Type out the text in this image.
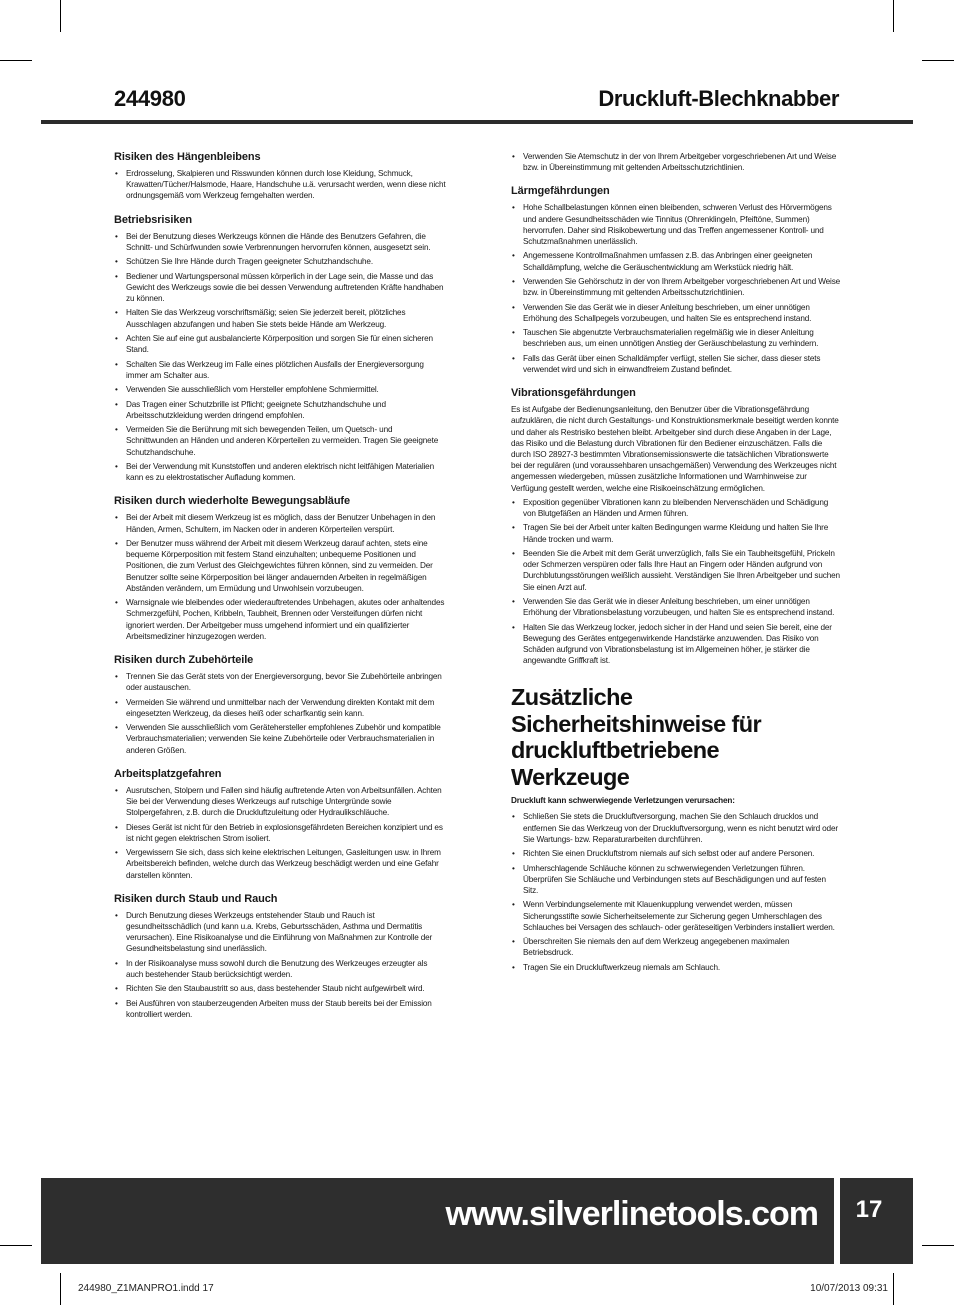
244980	Druckluft-Blechknabber
Risiken des Hängenbleibens
• Erdrosselung, Skalpieren und Risswunden können durch lose Kleidung, Schmuck, Krawatten/Tücher/Halsmode, Haare, Handschuhe u.ä. verursacht werden, wenn diese nicht ordnungsgemäß vom Werkzeug ferngehalten werden.
Betriebsrisiken
• Bei der Benutzung dieses Werkzeugs können die Hände des Benutzers Gefahren, die Schnitt- und Schürfwunden sowie Verbrennungen hervorrufen können, ausgesetzt sein.
• Schützen Sie Ihre Hände durch Tragen geeigneter Schutzhandschuhe.
• Bediener und Wartungspersonal müssen körperlich in der Lage sein, die Masse und das Gewicht des Werkzeugs sowie die bei dessen Verwendung auftretenden Kräfte handhaben zu können.
• Halten Sie das Werkzeug vorschriftsmäßig; seien Sie jederzeit bereit, plötzliches Ausschlagen abzufangen und haben Sie stets beide Hände am Werkzeug.
• Achten Sie auf eine gut ausbalancierte Körperposition und sorgen Sie für einen sicheren Stand.
• Schalten Sie das Werkzeug im Falle eines plötzlichen Ausfalls der Energieversorgung immer am Schalter aus.
• Verwenden Sie ausschließlich vom Hersteller empfohlene Schmiermittel.
• Das Tragen einer Schutzbrille ist Pflicht; geeignete Schutzhandschuhe und Arbeitsschutzkleidung werden dringend empfohlen.
• Vermeiden Sie die Berührung mit sich bewegenden Teilen, um Quetsch- und Schnittwunden an Händen und anderen Körperteilen zu vermeiden. Tragen Sie geeignete Schutzhandschuhe.
• Bei der Verwendung mit Kunststoffen und anderen elektrisch nicht leitfähigen Materialien kann es zu elektrostatischer Aufladung kommen.
Risiken durch wiederholte Bewegungsabläufe
• Bei der Arbeit mit diesem Werkzeug ist es möglich, dass der Benutzer Unbehagen in den Händen, Armen, Schultern, im Nacken oder in anderen Körperteilen verspürt.
• Der Benutzer muss während der Arbeit mit diesem Werkzeug darauf achten, stets eine bequeme Körperposition mit festem Stand einzuhalten; unbequeme Positionen und Positionen, die zum Verlust des Gleichgewichtes führen können, sind zu vermeiden. Der Benutzer sollte seine Körperposition bei länger andauernden Arbeiten in regelmäßigen Abständen verändern, um Ermüdung und Unwohlsein vorzubeugen.
• Warnsignale wie bleibendes oder wiederauftretendes Unbehagen, akutes oder anhaltendes Schmerzgefühl, Pochen, Kribbeln, Taubheit, Brennen oder Versteifungen dürfen nicht ignoriert werden. Der Arbeitgeber muss umgehend informiert und ein qualifizierter Arbeitsmediziner hinzugezogen werden.
Risiken durch Zubehörteile
• Trennen Sie das Gerät stets von der Energieversorgung, bevor Sie Zubehörteile anbringen oder austauschen.
• Vermeiden Sie während und unmittelbar nach der Verwendung direkten Kontakt mit dem eingesetzten Werkzeug, da dieses heiß oder scharfkantig sein kann.
• Verwenden Sie ausschließlich vom Gerätehersteller empfohlenes Zubehör und kompatible Verbrauchsmaterialien; verwenden Sie keine Zubehörteile oder Verbrauchsmaterialien in anderen Größen.
Arbeitsplatzgefahren
• Ausrutschen, Stolpern und Fallen sind häufig auftretende Arten von Arbeitsunfällen. Achten Sie bei der Verwendung dieses Werkzeugs auf rutschige Untergründe sowie Stolpergefahren, z.B. durch die Druckluftzuleitung oder Hydraulikschläuche.
• Dieses Gerät ist nicht für den Betrieb in explosionsgefährdeten Bereichen konzipiert und es ist nicht gegen elektrischen Strom isoliert.
• Vergewissern Sie sich, dass sich keine elektrischen Leitungen, Gasleitungen usw. in Ihrem Arbeitsbereich befinden, welche durch das Werkzeug beschädigt werden und eine Gefahr darstellen könnten.
Risiken durch Staub und Rauch
• Durch Benutzung dieses Werkzeugs entstehender Staub und Rauch ist gesundheitsschädlich (und kann u.a. Krebs, Geburtsschäden, Asthma und Dermatitis verursachen). Eine Risikoanalyse und die Einführung von Maßnahmen zur Kontrolle der Gesundheitsbelastung sind unerlässlich.
• In der Risikoanalyse muss sowohl durch die Benutzung des Werkzeuges erzeugter als auch bestehender Staub berücksichtigt werden.
• Richten Sie den Staubaustritt so aus, dass bestehender Staub nicht aufgewirbelt wird.
• Bei Ausführen von stauberzeugenden Arbeiten muss der Staub bereits bei der Emission kontrolliert werden.
• Verwenden Sie Atemschutz in der von Ihrem Arbeitgeber vorgeschriebenen Art und Weise bzw. in Übereinstimmung mit geltenden Arbeitsschutzrichtlinien.
Lärmgefährdungen
• Hohe Schallbelastungen können einen bleibenden, schweren Verlust des Hörvermögens und andere Gesundheitsschäden wie Tinnitus (Ohrenklingeln, Pfeiftöne, Summen) hervorrufen. Daher sind Risikobewertung und das Treffen angemessener Kontroll- und Schutzmaßnahmen unerlässlich.
• Angemessene Kontrollmaßnahmen umfassen z.B. das Anbringen einer geeigneten Schalldämpfung, welche die Geräuschentwicklung am Werkstück niedrig hält.
• Verwenden Sie Gehörschutz in der von Ihrem Arbeitgeber vorgeschriebenen Art und Weise bzw. in Übereinstimmung mit geltenden Arbeitsschutzrichtlinien.
• Verwenden Sie das Gerät wie in dieser Anleitung beschrieben, um einer unnötigen Erhöhung des Schallpegels vorzubeugen, und halten Sie es entsprechend instand.
• Tauschen Sie abgenutzte Verbrauchsmaterialien regelmäßig wie in dieser Anleitung beschrieben aus, um einen unnötigen Anstieg der Geräuschbelastung zu verhindern.
• Falls das Gerät über einen Schalldämpfer verfügt, stellen Sie sicher, dass dieser stets verwendet wird und sich in einwandfreiem Zustand befindet.
Vibrationsgefährdungen

Es ist Aufgabe der Bedienungsanleitung, den Benutzer über die Vibrationsgefährdung aufzuklären, die nicht durch Gestaltungs- und Konstruktionsmerkmale beseitigt werden konnte und daher als Restrisiko bestehen bleibt. Arbeitgeber sind durch diese Angaben in der Lage, das Risiko und die Belastung durch Vibrationen für den Bediener einzuschätzen. Falls die durch ISO 28927-3 bestimmten Vibrationsemissionswerte die tatsächlichen Vibrationswerte bei der regulären (und voraussehbaren unsachgemäßen) Verwendung des Werkzeuges nicht angemessen wiedergeben, müssen zusätzliche Informationen und Warnhinweise zur Verfügung gestellt werden, welche eine Risikoeinschätzung ermöglichen.

• Exposition gegenüber Vibrationen kann zu bleibenden Nervenschäden und Schädigung von Blutgefäßen an Händen und Armen führen.
• Tragen Sie bei der Arbeit unter kalten Bedingungen warme Kleidung und halten Sie Ihre Hände trocken und warm.
• Beenden Sie die Arbeit mit dem Gerät unverzüglich, falls Sie ein Taubheitsgefühl, Prickeln oder Schmerzen verspüren oder falls Ihre Haut an Fingern oder Händen aufgrund von Durchblutungsstörungen weißlich aussieht. Verständigen Sie Ihren Arbeitgeber und suchen Sie einen Arzt auf.
• Verwenden Sie das Gerät wie in dieser Anleitung beschrieben, um einer unnötigen Erhöhung der Vibrationsbelastung vorzubeugen, und halten Sie es entsprechend instand.
• Halten Sie das Werkzeug locker, jedoch sicher in der Hand und seien Sie bereit, eine der Bewegung des Gerätes entgegenwirkende Handstärke anzuwenden. Das Risiko von Schäden aufgrund von Vibrationsbelastung ist im Allgemeinen höher, je stärker die angewandte Griffkraft ist.
Zusätzliche Sicherheitshinweise für druckluftbetriebene Werkzeuge
Druckluft kann schwerwiegende Verletzungen verursachen:
• Schließen Sie stets die Druckluftversorgung, machen Sie den Schlauch drucklos und entfernen Sie das Werkzeug von der Druckluftversorgung, wenn es nicht benutzt wird oder Sie Wartungs- bzw. Reparaturarbeiten durchführen.
• Richten Sie einen Druckluftstrom niemals auf sich selbst oder auf andere Personen.
• Umherschlagende Schläuche können zu schwerwiegenden Verletzungen führen. Überprüfen Sie Schläuche und Verbindungen stets auf Beschädigungen und auf festen Sitz.
• Wenn Verbindungselemente mit Klauenkupplung verwendet werden, müssen Sicherungsstifte sowie Sicherheitselemente zur Sicherung gegen Umherschlagen des Schlauches bei Versagen des schlauch- oder geräteseitigen Verbinders installiert werden.
• Überschreiten Sie niemals den auf dem Werkzeug angegebenen maximalen Betriebsdruck.
• Tragen Sie ein Druckluftwerkzeug niemals am Schlauch.
www.silverlinetools.com	17
244980_Z1MANPRO1.indd 17	10/07/2013 09:31
